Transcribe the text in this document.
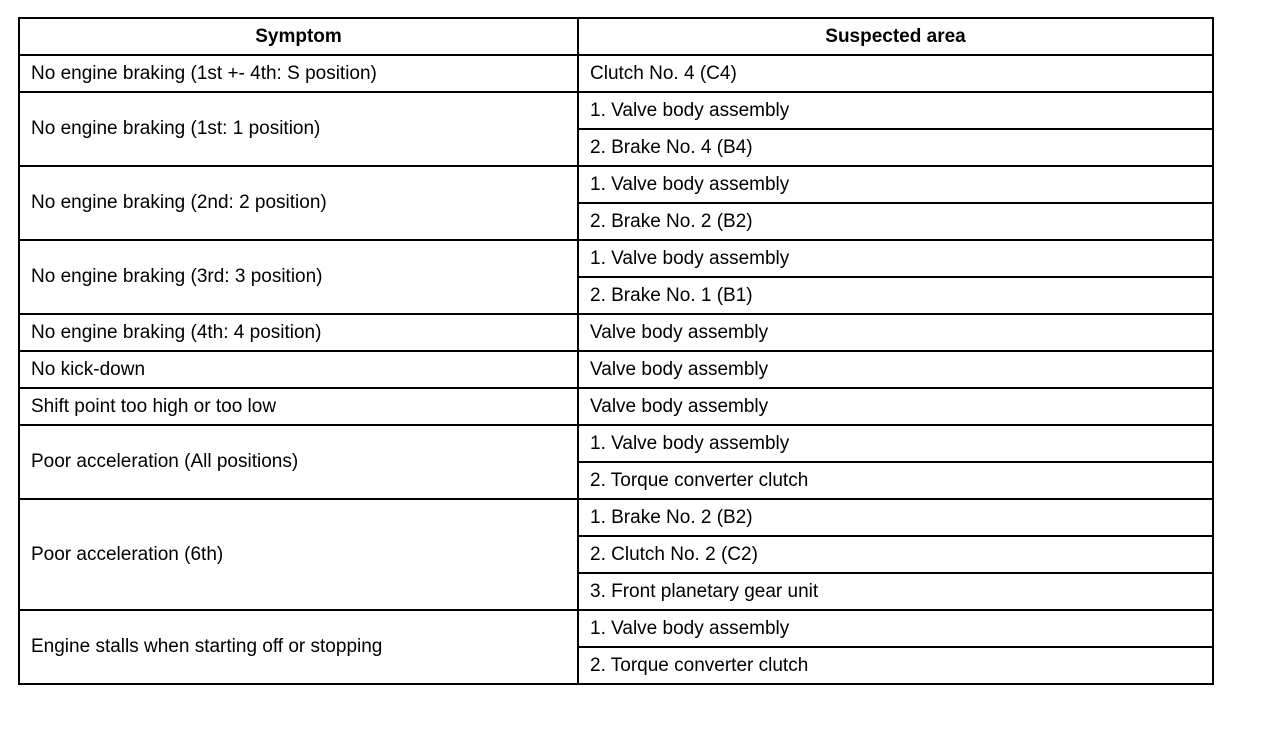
Symptom	Suspected area
No engine braking (1st +- 4th: S position)	Clutch No. 4 (C4)
No engine braking (1st: 1 position)	1. Valve body assembly
	2. Brake No. 4 (B4)
No engine braking (2nd: 2 position)	1. Valve body assembly
	2. Brake No. 2 (B2)
No engine braking (3rd: 3 position)	1. Valve body assembly
	2. Brake No. 1 (B1)
No engine braking (4th: 4 position)	Valve body assembly
No kick-down	Valve body assembly
Shift point too high or too low	Valve body assembly
Poor acceleration (All positions)	1. Valve body assembly
	2. Torque converter clutch
Poor acceleration (6th)	1. Brake No. 2 (B2)
	2. Clutch No. 2 (C2)
	3. Front planetary gear unit
Engine stalls when starting off or stopping	1. Valve body assembly
	2. Torque converter clutch
